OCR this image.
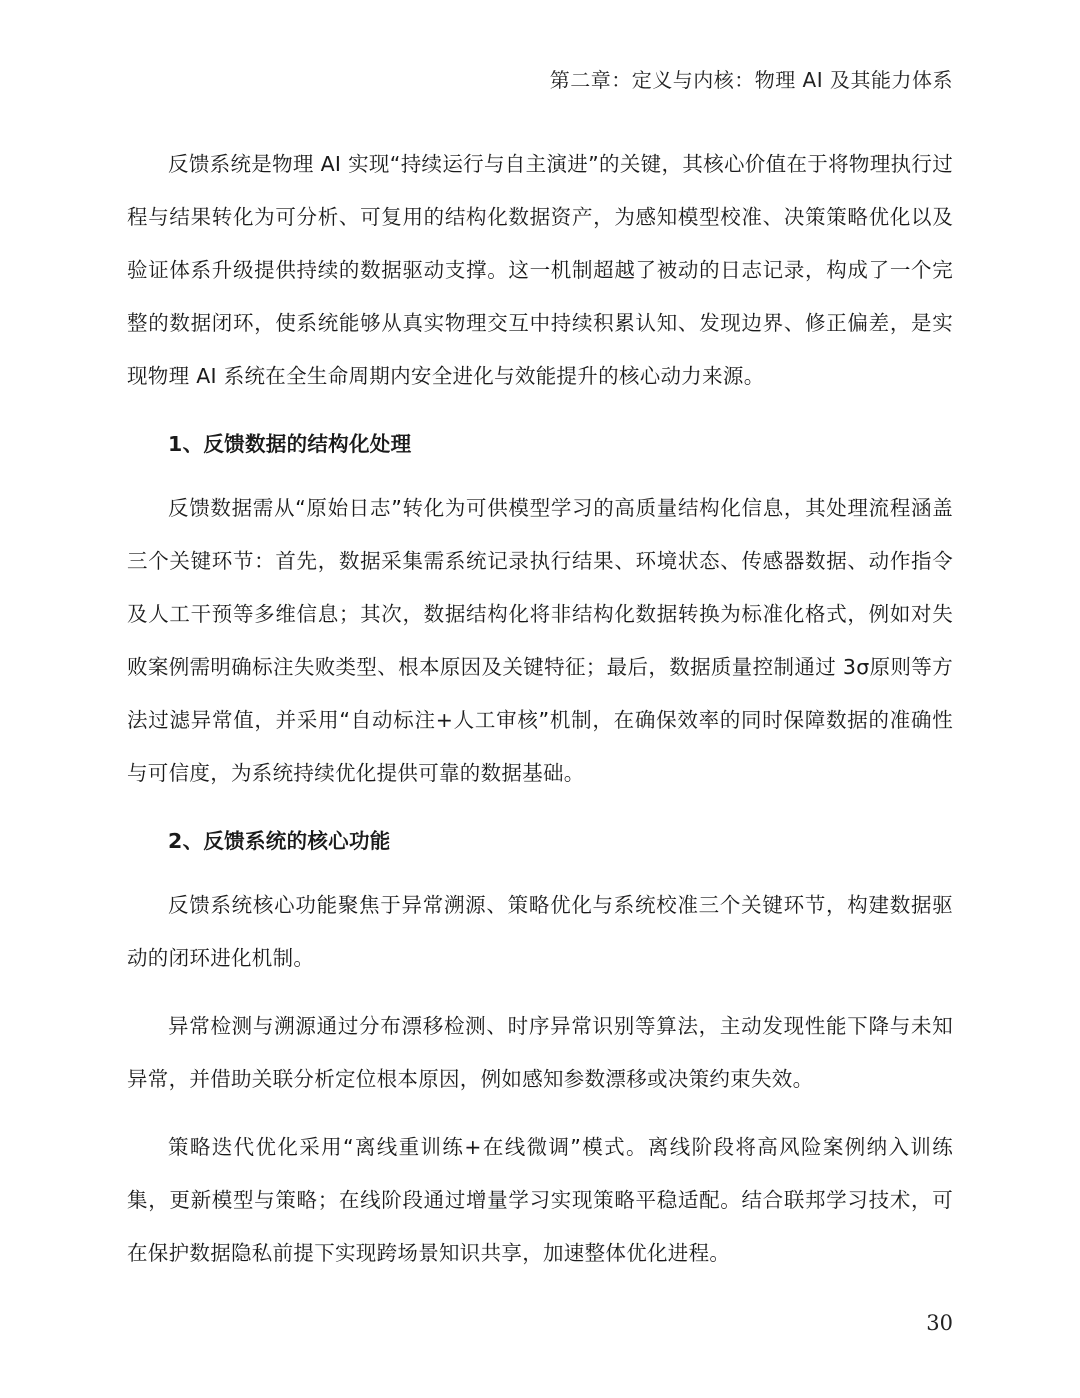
第二章：定义与内核：物理 AI 及其能力体系

反馈系统是物理 AI 实现“持续运行与自主演进”的关键，其核心价值在于将物理执行过程与结果转化为可分析、可复用的结构化数据资产，为感知模型校准、决策策略优化以及验证体系升级提供持续的数据驱动支撑。这一机制超越了被动的日志记录，构成了一个完整的数据闭环，使系统能够从真实物理交互中持续积累认知、发现边界、修正偏差，是实现物理 AI 系统在全生命周期内安全进化与效能提升的核心动力来源。

1、反馈数据的结构化处理

反馈数据需从“原始日志”转化为可供模型学习的高质量结构化信息，其处理流程涵盖三个关键环节：首先，数据采集需系统记录执行结果、环境状态、传感器数据、动作指令及人工干预等多维信息；其次，数据结构化将非结构化数据转换为标准化格式，例如对失败案例需明确标注失败类型、根本原因及关键特征；最后，数据质量控制通过 3σ原则等方法过滤异常值，并采用“自动标注+人工审核”机制，在确保效率的同时保障数据的准确性与可信度，为系统持续优化提供可靠的数据基础。

2、反馈系统的核心功能

反馈系统核心功能聚焦于异常溯源、策略优化与系统校准三个关键环节，构建数据驱动的闭环进化机制。

异常检测与溯源通过分布漂移检测、时序异常识别等算法，主动发现性能下降与未知异常，并借助关联分析定位根本原因，例如感知参数漂移或决策约束失效。

策略迭代优化采用“离线重训练+在线微调”模式。离线阶段将高风险案例纳入训练集，更新模型与策略；在线阶段通过增量学习实现策略平稳适配。结合联邦学习技术，可在保护数据隐私前提下实现跨场景知识共享，加速整体优化进程。

30
